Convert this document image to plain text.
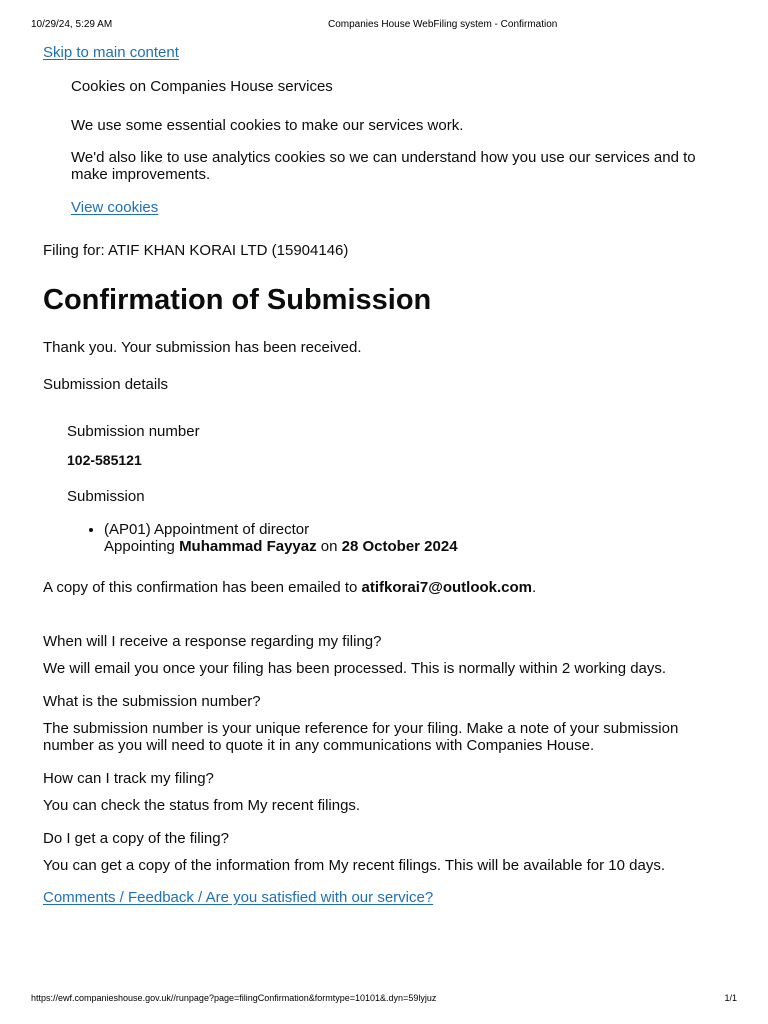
10/29/24, 5:29 AM	Companies House WebFiling system - Confirmation
Skip to main content

Cookies on Companies House services

We use some essential cookies to make our services work.

We'd also like to use analytics cookies so we can understand how you use our services and to make improvements.

View cookies

Filing for: ATIF KHAN KORAI LTD (15904146)

Confirmation of Submission

Thank you. Your submission has been received.

Submission details

Submission number

102-585121

Submission

• (AP01) Appointment of director
Appointing Muhammad Fayyaz on 28 October 2024

A copy of this confirmation has been emailed to atifkorai7@outlook.com.

When will I receive a response regarding my filing?

We will email you once your filing has been processed. This is normally within 2 working days.

What is the submission number?

The submission number is your unique reference for your filing. Make a note of your submission number as you will need to quote it in any communications with Companies House.

How can I track my filing?

You can check the status from My recent filings.

Do I get a copy of the filing?

You can get a copy of the information from My recent filings. This will be available for 10 days.

Comments / Feedback / Are you satisfied with our service?
https://ewf.companieshouse.gov.uk//runpage?page=filingConfirmation&formtype=10101&.dyn=59lyjuz	1/1
